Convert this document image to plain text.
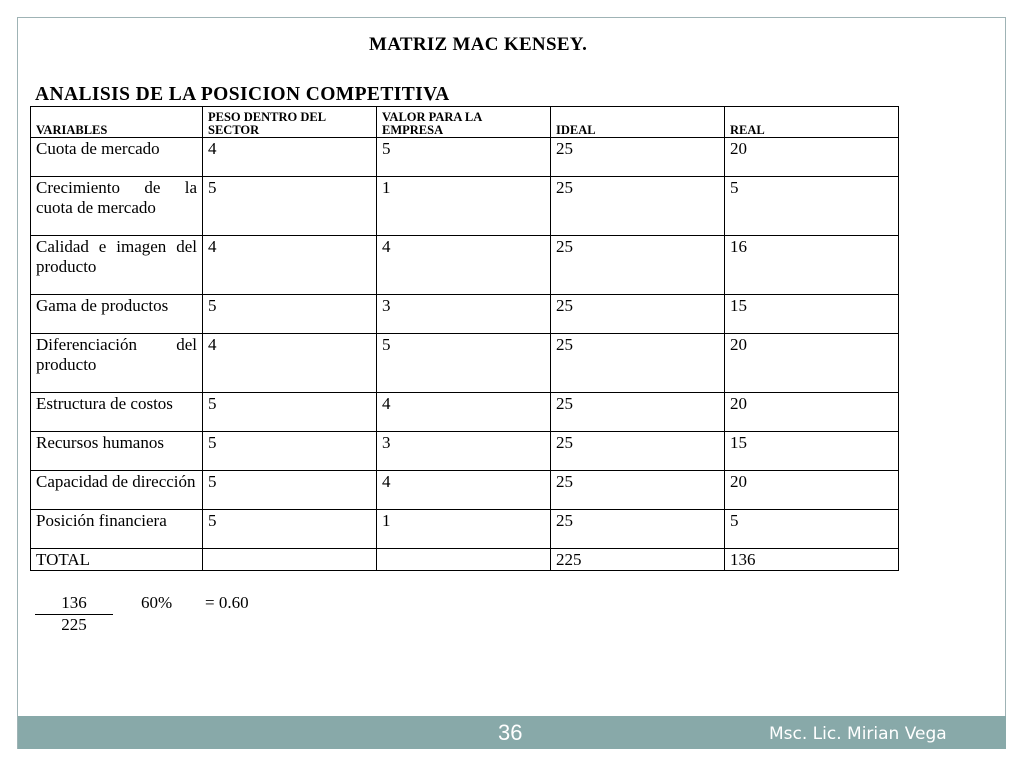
MATRIZ MAC KENSEY.
ANALISIS DE LA POSICION COMPETITIVA
VARIABLES	PESO DENTRO DEL SECTOR	VALOR PARA LA EMPRESA	IDEAL	REAL
Cuota de mercado	4	5	25	20
Crecimiento de la cuota de mercado	5	1	25	5
Calidad e imagen del producto	4	4	25	16
Gama de productos	5	3	25	15
Diferenciación del producto	4	5	25	20
Estructura de costos	5	4	25	20
Recursos humanos	5	3	25	15
Capacidad de dirección	5	4	25	20
Posición financiera	5	1	25	5
TOTAL			225	136
$\frac{136}{225} 60\% = 0.60$
36	Msc. Lic. Mirian Vega
